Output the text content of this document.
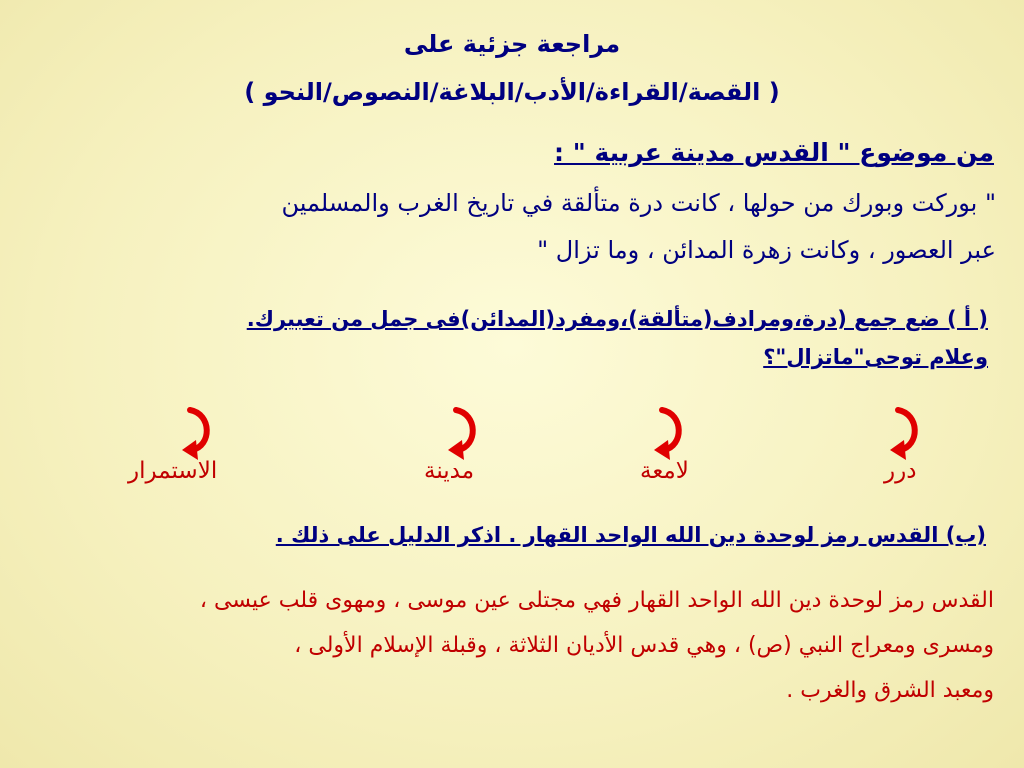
مراجعة جزئية على
( القصة/القراءة/الأدب/البلاغة/النصوص/النحو )
من موضوع " القدس مدينة عربية " :
" بوركت وبورك من حولها ، كانت درة متألقة في تاريخ الغرب والمسلمين
عبر العصور ، وكانت زهرة المدائن ، وما تزال "
( أ ) ضع جمع (درة،ومرادف(متألقة)،ومفرد(المدائن)فى جمل من تعبيرك.
وعلام توحى"ماتزال"؟
درر
لامعة
مدينة
الاستمرار
(ب) القدس رمز لوحدة دين الله الواحد القهار . اذكر الدليل على ذلك .
القدس رمز لوحدة دين الله الواحد القهار فهي مجتلى عين موسى ، ومهوى قلب عيسى ،
ومسرى ومعراج النبي (ص) ، وهي قدس الأديان الثلاثة ، وقبلة الإسلام الأولى ،
ومعبد الشرق والغرب .
